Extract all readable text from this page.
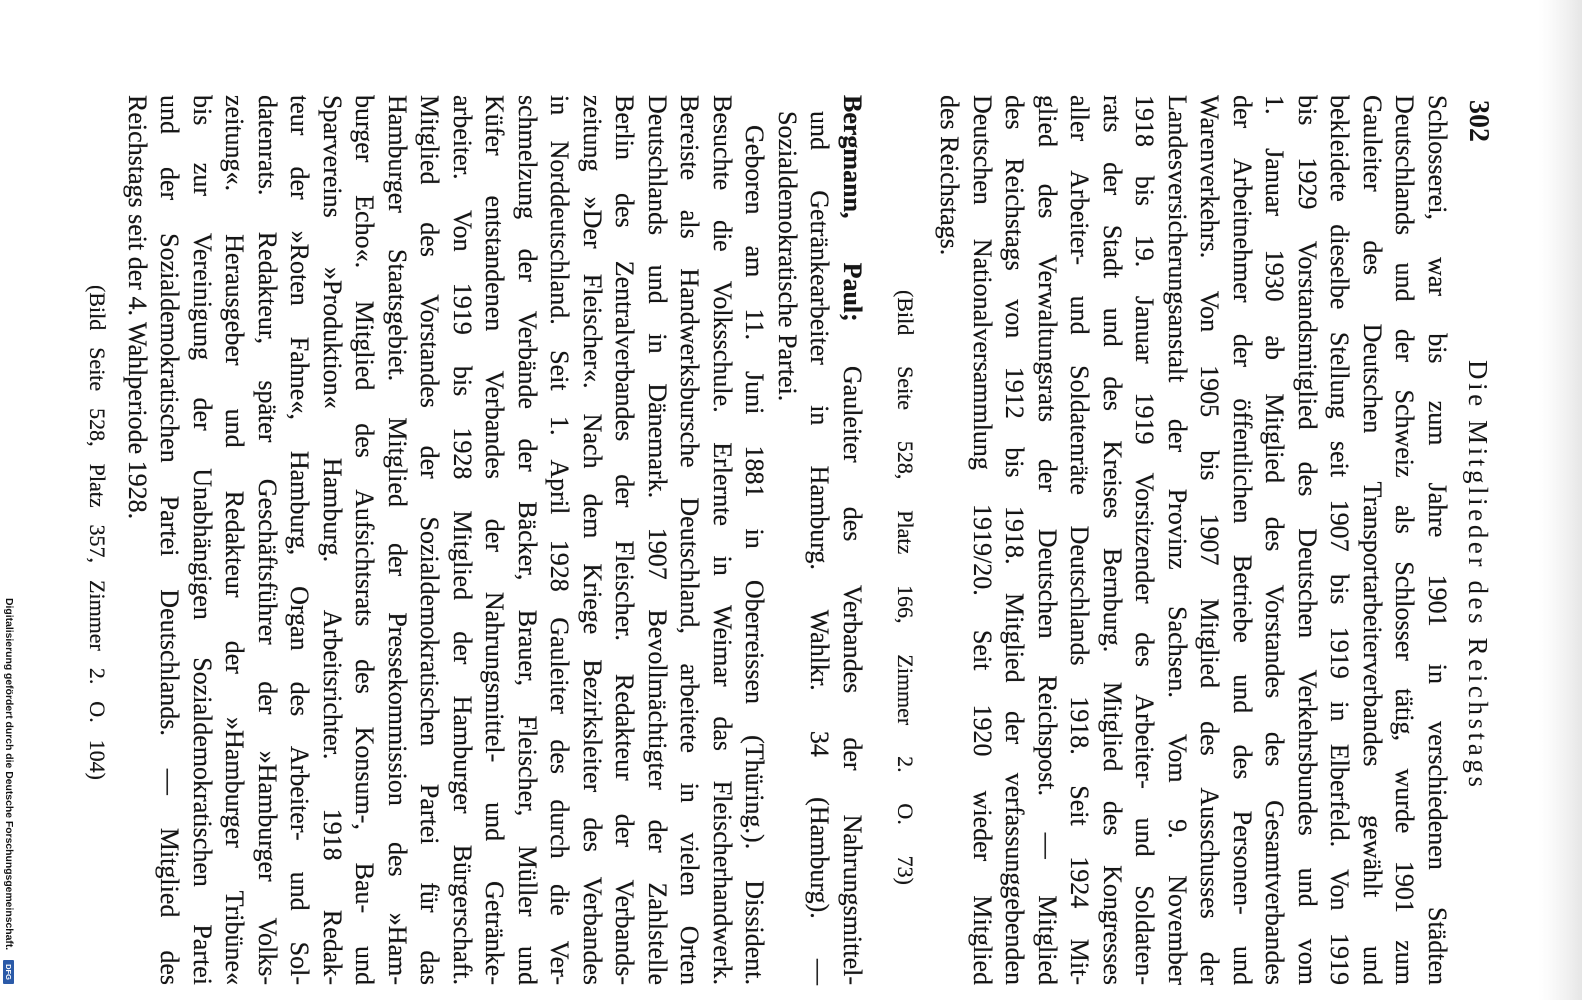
302
Die Mitglieder des Reichstags
Schlosserei, war bis zum Jahre 1901 in verschiedenen Städten
Deutschlands und der Schweiz als Schlosser tätig, wurde 1901 zum
Gauleiter des Deutschen Transportarbeiterverbandes gewählt und
bekleidete dieselbe Stellung seit 1907 bis 1919 in Elberfeld. Von 1919
bis 1929 Vorstandsmitglied des Deutschen Verkehrsbundes und vom
1. Januar 1930 ab Mitglied des Vorstandes des Gesamtverbandes
der Arbeitnehmer der öffentlichen Betriebe und des Personen- und
Warenverkehrs. Von 1905 bis 1907 Mitglied des Ausschusses der
Landesversicherungsanstalt der Provinz Sachsen. Vom 9. November
1918 bis 19. Januar 1919 Vorsitzender des Arbeiter- und Soldaten-
rats der Stadt und des Kreises Bernburg. Mitglied des Kongresses
aller Arbeiter- und Soldatenräte Deutschlands 1918. Seit 1924 Mit-
glied des Verwaltungsrats der Deutschen Reichspost. — Mitglied
des Reichstags von 1912 bis 1918. Mitglied der verfassunggebenden
Deutschen Nationalversammlung 1919/20. Seit 1920 wieder Mitglied
des Reichstags.
(Bild Seite 528, Platz 166, Zimmer 2. O. 73)
Bergmann, Paul; Gauleiter des Verbandes der Nahrungsmittel-
und Getränkearbeiter in Hamburg. Wahlkr. 34 (Hamburg). —
Sozialdemokratische Partei.
Geboren am 11. Juni 1881 in Oberreissen (Thüring.). Dissident.
Besuchte die Volksschule. Erlernte in Weimar das Fleischerhandwerk.
Bereiste als Handwerksbursche Deutschland, arbeitete in vielen Orten
Deutschlands und in Dänemark. 1907 Bevollmächtigter der Zahlstelle
Berlin des Zentralverbandes der Fleischer. Redakteur der Verbands-
zeitung »Der Fleischer«. Nach dem Kriege Bezirksleiter des Verbandes
in Norddeutschland. Seit 1. April 1928 Gauleiter des durch die Ver-
schmelzung der Verbände der Bäcker, Brauer, Fleischer, Müller und
Küfer entstandenen Verbandes der Nahrungsmittel- und Getränke-
arbeiter. Von 1919 bis 1928 Mitglied der Hamburger Bürgerschaft.
Mitglied des Vorstandes der Sozialdemokratischen Partei für das
Hamburger Staatsgebiet. Mitglied der Pressekommission des »Ham-
burger Echo«. Mitglied des Aufsichtsrats des Konsum-, Bau- und
Sparvereins »Produktion« Hamburg. Arbeitsrichter. 1918 Redak-
teur der »Roten Fahne«, Hamburg, Organ des Arbeiter- und Sol-
datenrats. Redakteur, später Geschäftsführer der »Hamburger Volks-
zeitung«. Herausgeber und Redakteur der »Hamburger Tribüne«
bis zur Vereinigung der Unabhängigen Sozialdemokratischen Partei
und der Sozialdemokratischen Partei Deutschlands. — Mitglied des
Reichstags seit der 4. Wahlperiode 1928.
(Bild Seite 528, Platz 357, Zimmer 2. O. 104)
Digitalisierung gefördert durch die Deutsche Forschungsgemeinschaft.
DFG
